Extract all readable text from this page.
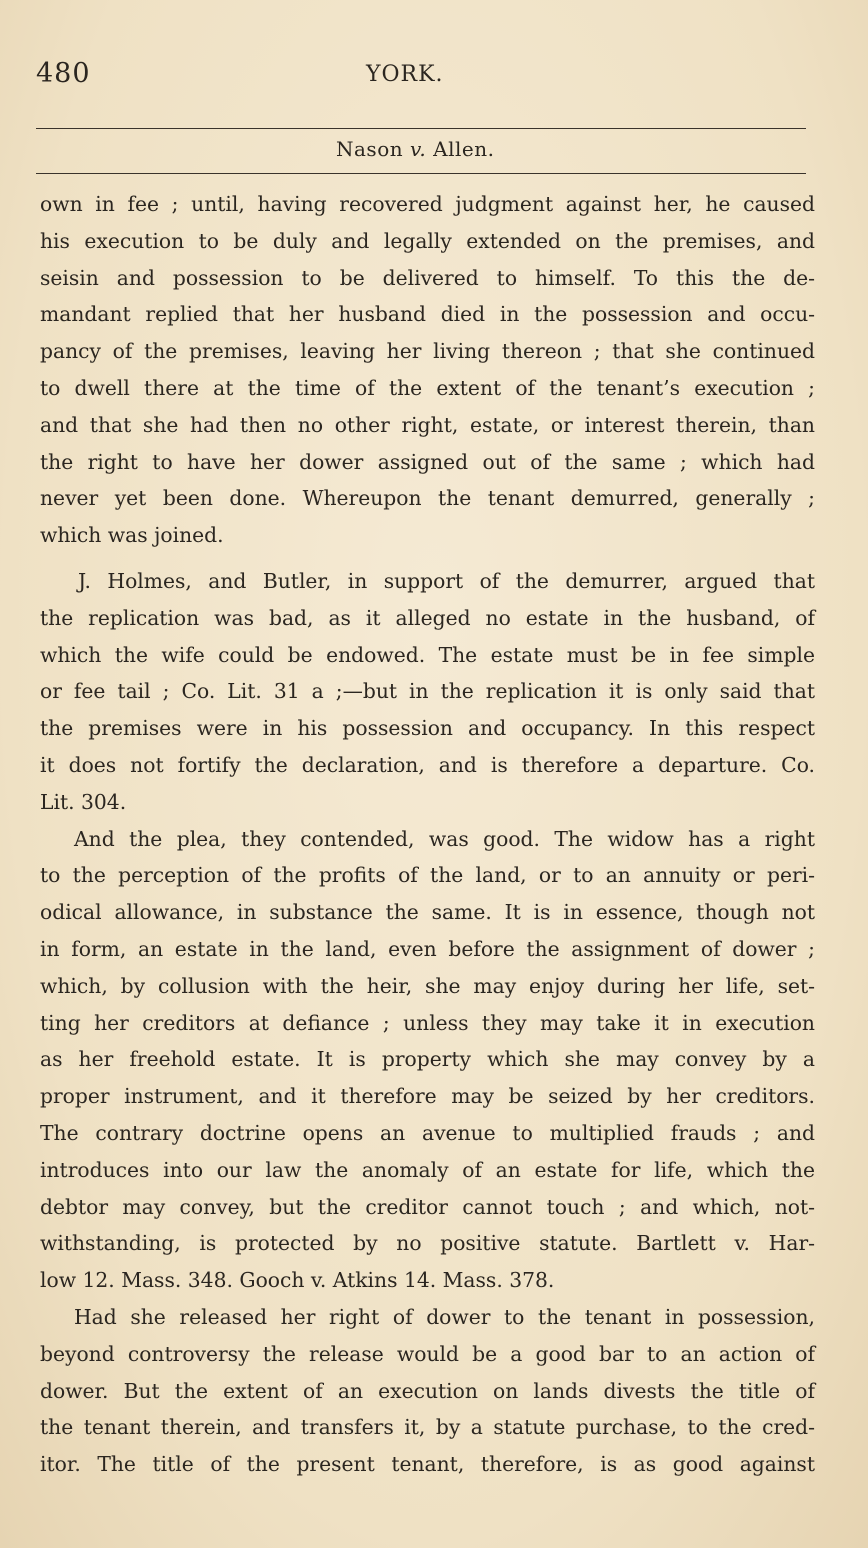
480	YORK.
Nason v. Allen.
own in fee ; until, having recovered judgment against her, he caused
his execution to be duly and legally extended on the premises, and
seisin and possession to be delivered to himself. To this the de-
mandant replied that her husband died in the possession and occu-
pancy of the premises, leaving her living thereon ; that she continued
to dwell there at the time of the extent of the tenant’s execution ;
and that she had then no other right, estate, or interest therein, than
the right to have her dower assigned out of the same ; which had
never yet been done. Whereupon the tenant demurred, generally ;
which was joined.
J. Holmes, and Butler, in support of the demurrer, argued that
the replication was bad, as it alleged no estate in the husband, of
which the wife could be endowed. The estate must be in fee simple
or fee tail ; Co. Lit. 31 a ;—but in the replication it is only said that
the premises were in his possession and occupancy. In this respect
it does not fortify the declaration, and is therefore a departure. Co.
Lit. 304.
And the plea, they contended, was good. The widow has a right
to the perception of the profits of the land, or to an annuity or peri-
odical allowance, in substance the same. It is in essence, though not
in form, an estate in the land, even before the assignment of dower ;
which, by collusion with the heir, she may enjoy during her life, set-
ting her creditors at defiance ; unless they may take it in execution
as her freehold estate. It is property which she may convey by a
proper instrument, and it therefore may be seized by her creditors.
The contrary doctrine opens an avenue to multiplied frauds ; and
introduces into our law the anomaly of an estate for life, which the
debtor may convey, but the creditor cannot touch ; and which, not-
withstanding, is protected by no positive statute. Bartlett v. Har-
low 12. Mass. 348. Gooch v. Atkins 14. Mass. 378.
Had she released her right of dower to the tenant in possession,
beyond controversy the release would be a good bar to an action of
dower. But the extent of an execution on lands divests the title of
the tenant therein, and transfers it, by a statute purchase, to the cred-
itor. The title of the present tenant, therefore, is as good against
